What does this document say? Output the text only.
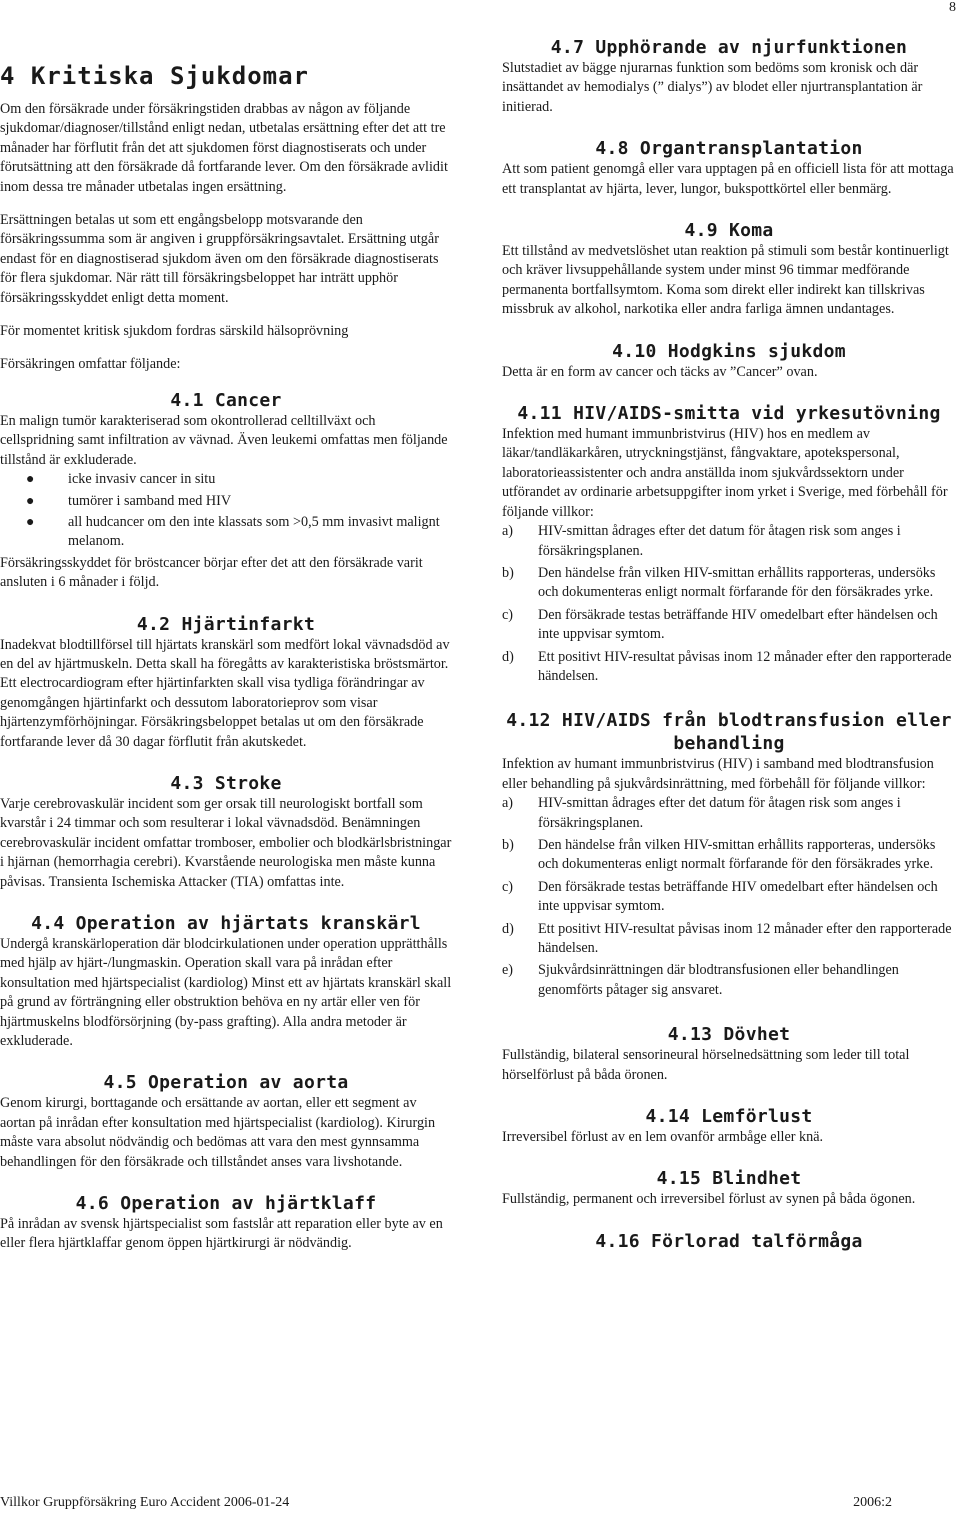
8
4 Kritiska Sjukdomar

Om den försäkrade under försäkringstiden drabbas av någon av följande sjukdomar/diagnoser/tillstånd enligt nedan, utbetalas ersättning efter det att tre månader har förflutit från det att sjukdomen först diagnostiserats och under förutsättning att den försäkrade då fortfarande lever. Om den försäkrade avlidit inom dessa tre månader utbetalas ingen ersättning.

Ersättningen betalas ut som ett engångsbelopp motsvarande den försäkringssumma som är angiven i gruppförsäkringsavtalet. Ersättning utgår endast för en diagnostiserad sjukdom även om den försäkrade diagnostiserats för flera sjukdomar. När rätt till försäkringsbeloppet har inträtt upphör försäkringsskyddet enligt detta moment.

För momentet kritisk sjukdom fordras särskild hälsoprövning

Försäkringen omfattar följande:

4.1 Cancer

En malign tumör karakteriserad som okontrollerad celltillväxt och cellspridning samt infiltration av vävnad. Även leukemi omfattas men följande tillstånd är exkluderade.

● icke invasiv cancer in situ
● tumörer i samband med HIV
● all hudcancer om den inte klassats som >0,5 mm invasivt malignt melanom.

Försäkringsskyddet för bröstcancer börjar efter det att den försäkrade varit ansluten i 6 månader i följd.

4.2 Hjärtinfarkt

Inadekvat blodtillförsel till hjärtats kranskärl som medfört lokal vävnadsdöd av en del av hjärtmuskeln. Detta skall ha föregåtts av karakteristiska bröstsmärtor. Ett electrocardiogram efter hjärtinfarkten skall visa tydliga förändringar av genomgången hjärtinfarkt och dessutom laboratorieprov som visar hjärtenzymförhöjningar. Försäkringsbeloppet betalas ut om den försäkrade fortfarande lever då 30 dagar förflutit från akutskedet.

4.3 Stroke

Varje cerebrovaskulär incident som ger orsak till neurologiskt bortfall som kvarstår i 24 timmar och som resulterar i lokal vävnadsdöd. Benämningen cerebrovaskulär incident omfattar tromboser, embolier och blodkärlsbristningar i hjärnan (hemorrhagia cerebri). Kvarstående neurologiska men måste kunna påvisas. Transienta Ischemiska Attacker (TIA) omfattas inte.

4.4 Operation av hjärtats kranskärl

Undergå kranskärloperation där blodcirkulationen under operation upprätthålls med hjälp av hjärt-/lungmaskin. Operation skall vara på inrådan efter konsultation med hjärtspecialist (kardiolog) Minst ett av hjärtats kranskärl skall på grund av förträngning eller obstruktion behöva en ny artär eller ven för hjärtmuskelns blodförsörjning (by-pass grafting). Alla andra metoder är exkluderade.

4.5 Operation av aorta

Genom kirurgi, borttagande och ersättande av aortan, eller ett segment av aortan på inrådan efter konsultation med hjärtspecialist (kardiolog). Kirurgin måste vara absolut nödvändig och bedömas att vara den mest gynnsamma behandlingen för den försäkrade och tillståndet anses vara livshotande.

4.6 Operation av hjärtklaff

På inrådan av svensk hjärtspecialist som fastslår att reparation eller byte av en eller flera hjärtklaffar genom öppen hjärtkirurgi är nödvändig.

4.7 Upphörande av njurfunktionen

Slutstadiet av bägge njurarnas funktion som bedöms som kronisk och där insättandet av hemodialys (” dialys”) av blodet eller njurtransplantation är initierad.

4.8 Organtransplantation

Att som patient genomgå eller vara upptagen på en officiell lista för att mottaga ett transplantat av hjärta, lever, lungor, bukspottkörtel eller benmärg.

4.9 Koma

Ett tillstånd av medvetslöshet utan reaktion på stimuli som består kontinuerligt och kräver livsuppehållande system under minst 96 timmar medförande permanenta bortfallsymtom. Koma som direkt eller indirekt kan tillskrivas missbruk av alkohol, narkotika eller andra farliga ämnen undantages.

4.10 Hodgkins sjukdom

Detta är en form av cancer och täcks av ”Cancer” ovan.

4.11 HIV/AIDS-smitta vid yrkesutövning

Infektion med humant immunbristvirus (HIV) hos en medlem av läkar/tandläkarkåren, utryckningstjänst, fångvaktare, apotekspersonal, laboratorieassistenter och andra anställda inom sjukvårdssektorn under utförandet av ordinarie arbetsuppgifter inom yrket i Sverige, med förbehåll för följande villkor:

a) HIV-smittan ådrages efter det datum för åtagen risk som anges i försäkringsplanen.
b) Den händelse från vilken HIV-smittan erhållits rapporteras, undersöks och dokumenteras enligt normalt förfarande för den försäkrades yrke.
c) Den försäkrade testas beträffande HIV omedelbart efter händelsen och inte uppvisar symtom.
d) Ett positivt HIV-resultat påvisas inom 12 månader efter den rapporterade händelsen.
4.12 HIV/AIDS från blodtransfusion eller behandling

Infektion av humant immunbristvirus (HIV) i samband med blodtransfusion eller behandling på sjukvårdsinrättning, med förbehåll för följande villkor:

a) HIV-smittan ådrages efter det datum för åtagen risk som anges i försäkringsplanen.
b) Den händelse från vilken HIV-smittan erhållits rapporteras, undersöks och dokumenteras enligt normalt förfarande för den försäkrades yrke.
c) Den försäkrade testas beträffande HIV omedelbart efter händelsen och inte uppvisar symtom.
d) Ett positivt HIV-resultat påvisas inom 12 månader efter den rapporterade händelsen.
e) Sjukvårdsinrättningen där blodtransfusionen eller behandlingen genomförts påtager sig ansvaret.
4.13 Dövhet

Fullständig, bilateral sensorineural hörselnedsättning som leder till total hörselförlust på båda öronen.

4.14 Lemförlust

Irreversibel förlust av en lem ovanför armbåge eller knä.

4.15 Blindhet

Fullständig, permanent och irreversibel förlust av synen på båda ögonen.

4.16 Förlorad talförmåga
Villkor Gruppförsäkring Euro Accident 2006-01-24	2006:2
